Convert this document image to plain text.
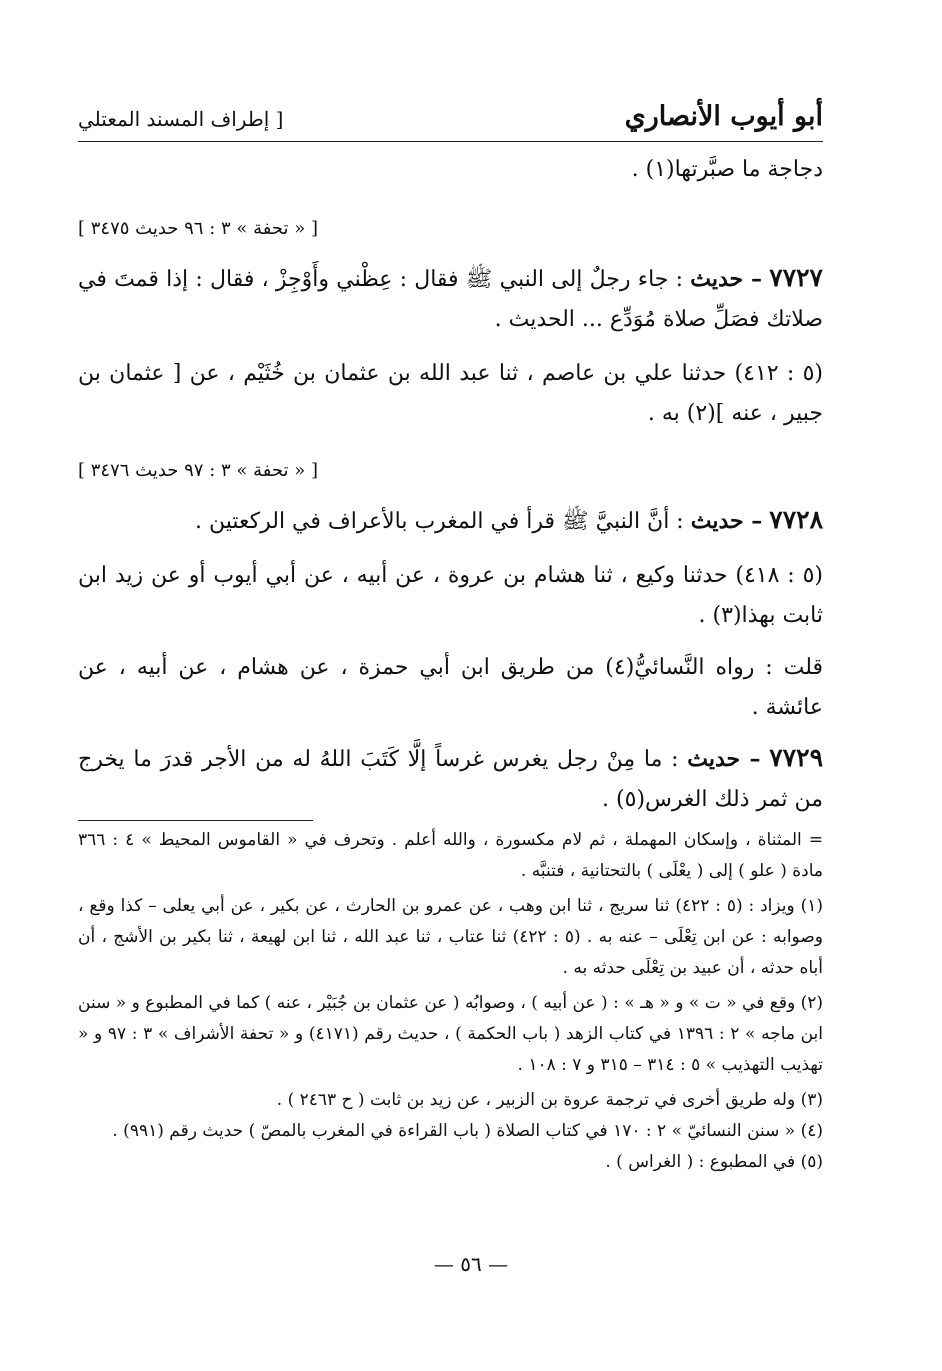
أبو أيوب الأنصاري
[ إطراف المسند المعتلي

دجاجة ما صبَّرتها(١) .

[ « تحفة » ٣ : ٩٦ حديث ٣٤٧٥ ]

٧٧٢٧ – حديث : جاء رجلٌ إلى النبي ﷺ فقال : عِظْني وأَوْجِزْ ، فقال : إذا قمتَ في صلاتك فصَلِّ صلاة مُوَدِّع ... الحديث .

(٥ : ٤١٢) حدثنا علي بن عاصم ، ثنا عبد الله بن عثمان بن خُثَيْم ، عن [ عثمان بن جبير ، عنه ](٢) به .

[ « تحفة » ٣ : ٩٧ حديث ٣٤٧٦ ]

٧٧٢٨ – حديث : أنَّ النبيَّ ﷺ قرأ في المغرب بالأعراف في الركعتين .

(٥ : ٤١٨) حدثنا وكيع ، ثنا هشام بن عروة ، عن أبيه ، عن أبي أيوب أو عن زيد ابن ثابت بهذا(٣) .

قلت : رواه النَّسائيُّ(٤) من طريق ابن أبي حمزة ، عن هشام ، عن أبيه ، عن عائشة .

٧٧٢٩ – حديث : ما مِنْ رجل يغرس غرساً إلَّا كَتَبَ اللهُ له من الأجر قدرَ ما يخرج من ثمر ذلك الغرس(٥) .

= المثناة ، وإسكان المهملة ، ثم لام مكسورة ، والله أعلم . وتحرف في « القاموس المحيط » ٤ : ٣٦٦ مادة ( علو ) إلى ( يعْلَى ) بالتحتانية ، فتنبَّه .

(١) ويزاد : (٥ : ٤٢٢) ثنا سريج ، ثنا ابن وهب ، عن عمرو بن الحارث ، عن بكير ، عن أبي يعلى – كذا وقع ، وصوابه : عن ابن تِعْلَى – عنه به . (٥ : ٤٢٢) ثنا عتاب ، ثنا عبد الله ، ثنا ابن لهيعة ، ثنا بكير بن الأشج ، أن أباه حدثه ، أن عبيد بن تِعْلَى حدثه به .

(٢) وقع في « ت » و « هـ » : ( عن أبيه ) ، وصوابُه ( عن عثمان بن جُبَيْر ، عنه ) كما في المطبوع و « سنن ابن ماجه » ٢ : ١٣٩٦ في كتاب الزهد ( باب الحكمة ) ، حديث رقم (٤١٧١) و « تحفة الأشراف » ٣ : ٩٧ و « تهذيب التهذيب » ٥ : ٣١٤ – ٣١٥ و ٧ : ١٠٨ .

(٣) وله طريق أخرى في ترجمة عروة بن الزبير ، عن زيد بن ثابت ( ح ٢٤٦٣ ) .

(٤) « سنن النسائيّ » ٢ : ١٧٠ في كتاب الصلاة ( باب القراءة في المغرب بالمصّ ) حديث رقم (٩٩١) .

(٥) في المطبوع : ( الغراس ) .

— ٥٦ —
